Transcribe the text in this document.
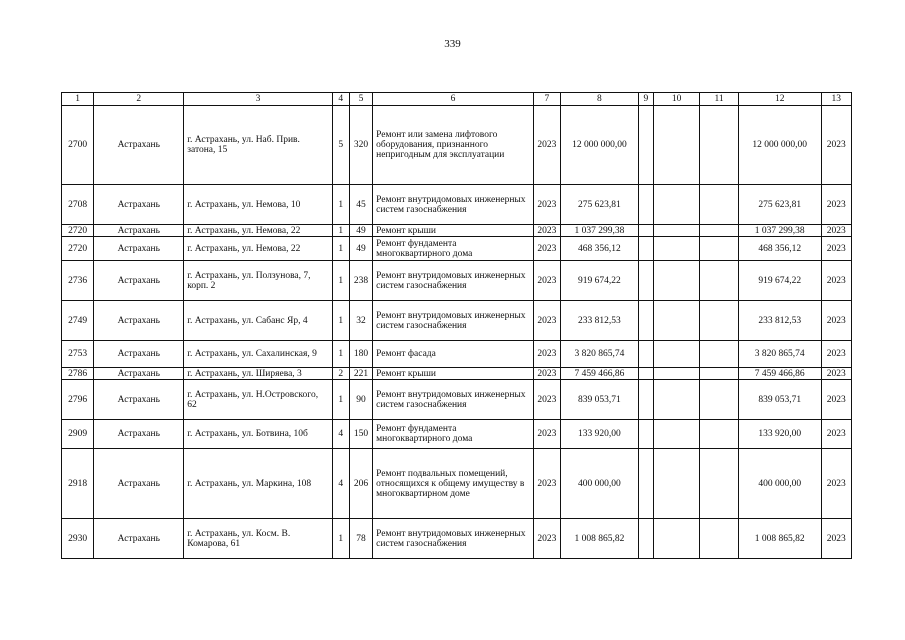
339
1	2	3	4	5	6	7	8	9	10	11	12	13
2700	Астрахань	г. Астрахань, ул. Наб. Прив. затона, 15	5	320	Ремонт или замена лифтового оборудования, признанного непригодным для эксплуатации	2023	12 000 000,00				12 000 000,00	2023
2708	Астрахань	г. Астрахань, ул. Немова, 10	1	45	Ремонт внутридомовых инженерных систем газоснабжения	2023	275 623,81				275 623,81	2023
2720	Астрахань	г. Астрахань, ул. Немова, 22	1	49	Ремонт крыши	2023	1 037 299,38				1 037 299,38	2023
2720	Астрахань	г. Астрахань, ул. Немова, 22	1	49	Ремонт фундамента многоквартирного дома	2023	468 356,12				468 356,12	2023
2736	Астрахань	г. Астрахань, ул. Ползунова, 7, корп. 2	1	238	Ремонт внутридомовых инженерных систем газоснабжения	2023	919 674,22				919 674,22	2023
2749	Астрахань	г. Астрахань, ул. Сабанс Яр, 4	1	32	Ремонт внутридомовых инженерных систем газоснабжения	2023	233 812,53				233 812,53	2023
2753	Астрахань	г. Астрахань, ул. Сахалинская, 9	1	180	Ремонт фасада	2023	3 820 865,74				3 820 865,74	2023
2786	Астрахань	г. Астрахань, ул. Ширяева, 3	2	221	Ремонт крыши	2023	7 459 466,86				7 459 466,86	2023
2796	Астрахань	г. Астрахань, ул. Н.Островского, 62	1	90	Ремонт внутридомовых инженерных систем газоснабжения	2023	839 053,71				839 053,71	2023
2909	Астрахань	г. Астрахань, ул. Ботвина, 10б	4	150	Ремонт фундамента многоквартирного дома	2023	133 920,00				133 920,00	2023
2918	Астрахань	г. Астрахань, ул. Маркина, 108	4	206	Ремонт подвальных помещений, относящихся к общему имуществу в многоквартирном доме	2023	400 000,00				400 000,00	2023
2930	Астрахань	г. Астрахань, ул. Косм. В. Комарова, 61	1	78	Ремонт внутридомовых инженерных систем газоснабжения	2023	1 008 865,82				1 008 865,82	2023
